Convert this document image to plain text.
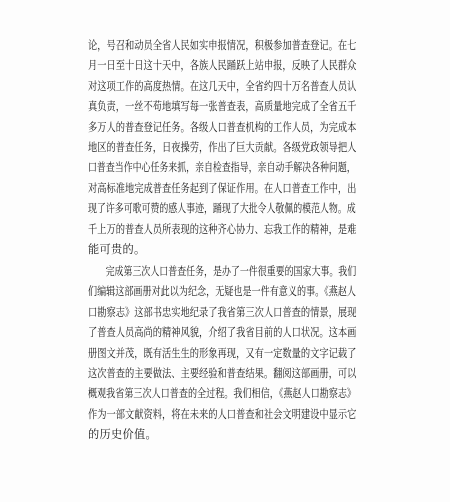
论，号召和动员全省人民如实申报情况，积极参加普查登记。在七
月一日至十日这十天中，各族人民踊跃上站申报，反映了人民群众
对这项工作的高度热情。在这几天中，全省约四十万名普查人员认
真负责，一丝不苟地填写每一张普查表，高质量地完成了全省五千
多万人的普查登记任务。各级人口普查机构的工作人员，为完成本
地区的普查任务，日夜操劳，作出了巨大贡献。各级党政领导把人
口普查当作中心任务来抓，亲自检查指导，亲自动手解决各种问题，
对高标准地完成普查任务起到了保证作用。在人口普查工作中，出
现了许多可歌可赞的感人事迹，踊现了大批令人敬佩的模范人物。成
千上万的普查人员所表现的这种齐心协力、忘我工作的精神，是难
能可贵的。

完成第三次人口普查任务，是办了一件很重要的国家大事。我们
们编辑这部画册对此以为纪念，无疑也是一件有意义的事。《燕赵人
口勘察志》这部书忠实地纪录了我省第三次人口普查的情景，展现
了普查人员高尚的精神风貌，介绍了我省目前的人口状况。这本画
册图文并茂，既有活生生的形象再现，又有一定数量的文字记载了
这次普查的主要做法、主要经验和普查结果。翻阅这部画册，可以
概观我省第三次人口普查的全过程。我们相信，《燕赵人口勘察志》
作为一部文献资料，将在未来的人口普查和社会文明建设中显示它
的历史价值。
